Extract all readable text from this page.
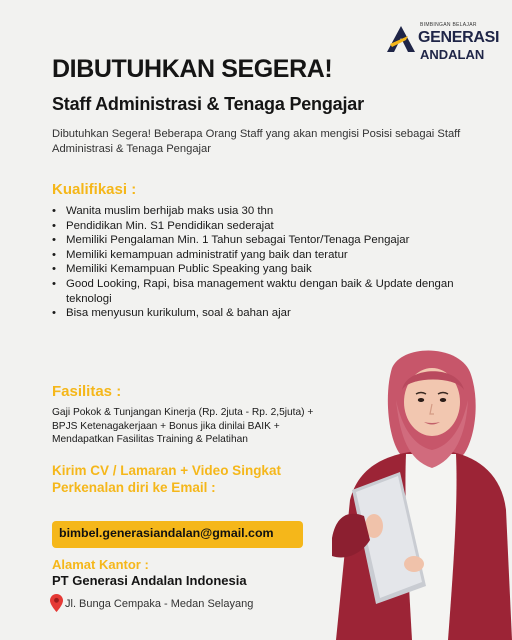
BIMBINGAN BELAJAR
GENERASI
ANDALAN
DIBUTUHKAN SEGERA!
Staff Administrasi & Tenaga Pengajar
Dibutuhkan Segera! Beberapa Orang Staff yang akan mengisi Posisi sebagai Staff Administrasi & Tenaga Pengajar
Kualifikasi :
• Wanita muslim berhijab maks usia 30 thn
• Pendidikan Min. S1 Pendidikan sederajat
• Memiliki Pengalaman Min. 1 Tahun sebagai Tentor/Tenaga Pengajar
• Memiliki kemampuan administratif yang baik dan teratur
• Memiliki Kemampuan Public Speaking yang baik
• Good Looking, Rapi, bisa management waktu dengan baik & Update dengan teknologi
• Bisa menyusun kurikulum, soal & bahan ajar
Fasilitas :
Gaji Pokok & Tunjangan Kinerja (Rp. 2juta - Rp. 2,5juta) +
BPJS Ketenagakerjaan + Bonus jika dinilai BAIK +
Mendapatkan Fasilitas Training & Pelatihan
Kirim CV / Lamaran + Video Singkat
Perkenalan diri ke Email :
bimbel.generasiandalan@gmail.com
Alamat Kantor :
PT Generasi Andalan Indonesia
Jl. Bunga Cempaka - Medan Selayang
